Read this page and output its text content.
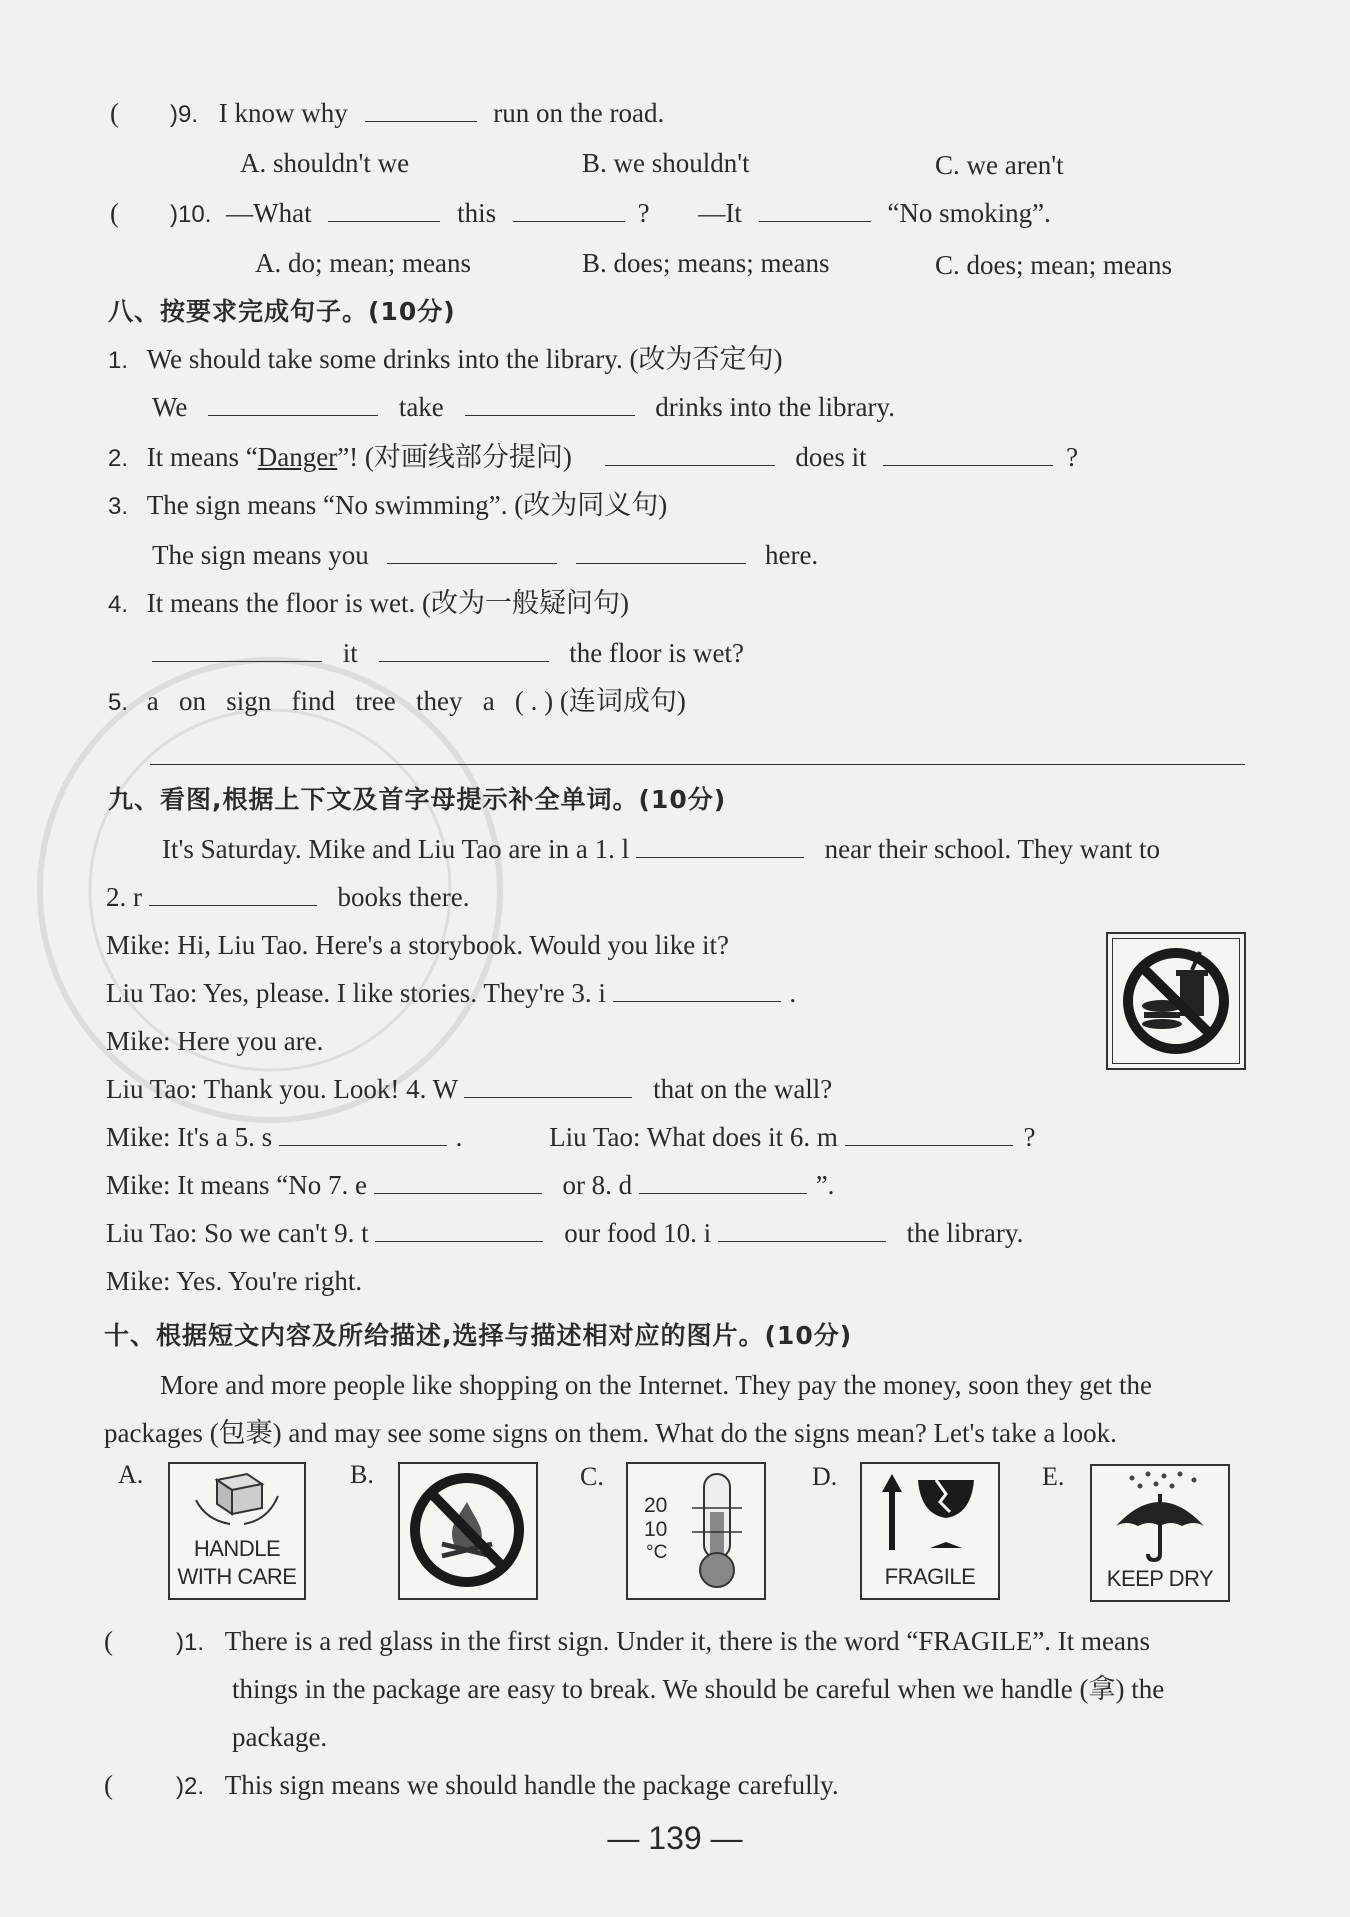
( )9. I know why	run on the road.
A. shouldn't we	B. we shouldn't	C. we aren't
( )10. —What	this	? —It	“No smoking”.
A. do; mean; means	B. does; means; means	C. does; mean; means
八、按要求完成句子。(10分)
1. We should take some drinks into the library. (改为否定句)
We	take	drinks into the library.
2. It means “Danger”! (对画线部分提问)	does it	?
3. The sign means “No swimming”. (改为同义句)
The sign means you	here.
4. It means the floor is wet. (改为一般疑问句)
it	the floor is wet?
5. a   on   sign   find   tree   they   a   ( . ) (连词成句)
九、看图,根据上下文及首字母提示补全单词。(10分)
It's Saturday. Mike and Liu Tao are in a 1. l	near their school. They want to
2. r	books there.
Mike: Hi, Liu Tao. Here's a storybook. Would you like it?
Liu Tao: Yes, please. I like stories. They're 3. i	.
Mike: Here you are.
Liu Tao: Thank you. Look! 4. W	that on the wall?
Mike: It's a 5. s	.	Liu Tao: What does it 6. m	?
Mike: It means “No 7. e	or 8. d	”.
Liu Tao: So we can't 9. t	our food 10. i	the library.
Mike: Yes. You're right.
十、根据短文内容及所给描述,选择与描述相对应的图片。(10分)
More and more people like shopping on the Internet. They pay the money, soon they get the
packages (包裹) and may see some signs on them. What do the signs mean? Let's take a look.
A.
HANDLE
WITH CARE
B.	C.
20
10
°C
D.
FRAGILE
E.
KEEP DRY
(	)1. There is a red glass in the first sign. Under it, there is the word “FRAGILE”. It means
things in the package are easy to break. We should be careful when we handle (拿) the
package.
(	)2. This sign means we should handle the package carefully.
— 139 —
